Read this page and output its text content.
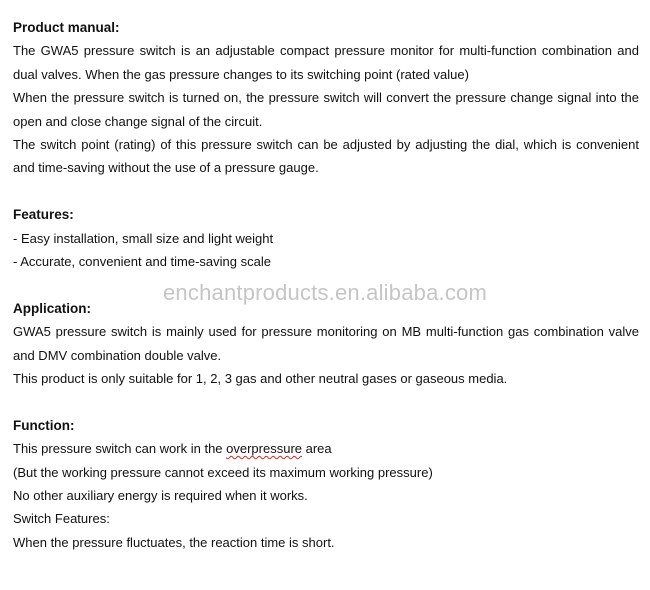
Product manual:

The GWA5 pressure switch is an adjustable compact pressure monitor for multi-function combination and dual valves. When the gas pressure changes to its switching point (rated value)

When the pressure switch is turned on, the pressure switch will convert the pressure change signal into the open and close change signal of the circuit.

The switch point (rating) of this pressure switch can be adjusted by adjusting the dial, which is convenient and time-saving without the use of a pressure gauge.

Features:
- Easy installation, small size and light weight
- Accurate, convenient and time-saving scale
Application:

GWA5 pressure switch is mainly used for pressure monitoring on MB multi-function gas combination valve and DMV combination double valve.

This product is only suitable for 1, 2, 3 gas and other neutral gases or gaseous media.
Function:
This pressure switch can work in the overpressure area
(But the working pressure cannot exceed its maximum working pressure)
No other auxiliary energy is required when it works.
Switch Features:
When the pressure fluctuates, the reaction time is short.
enchantproducts.en.alibaba.com
